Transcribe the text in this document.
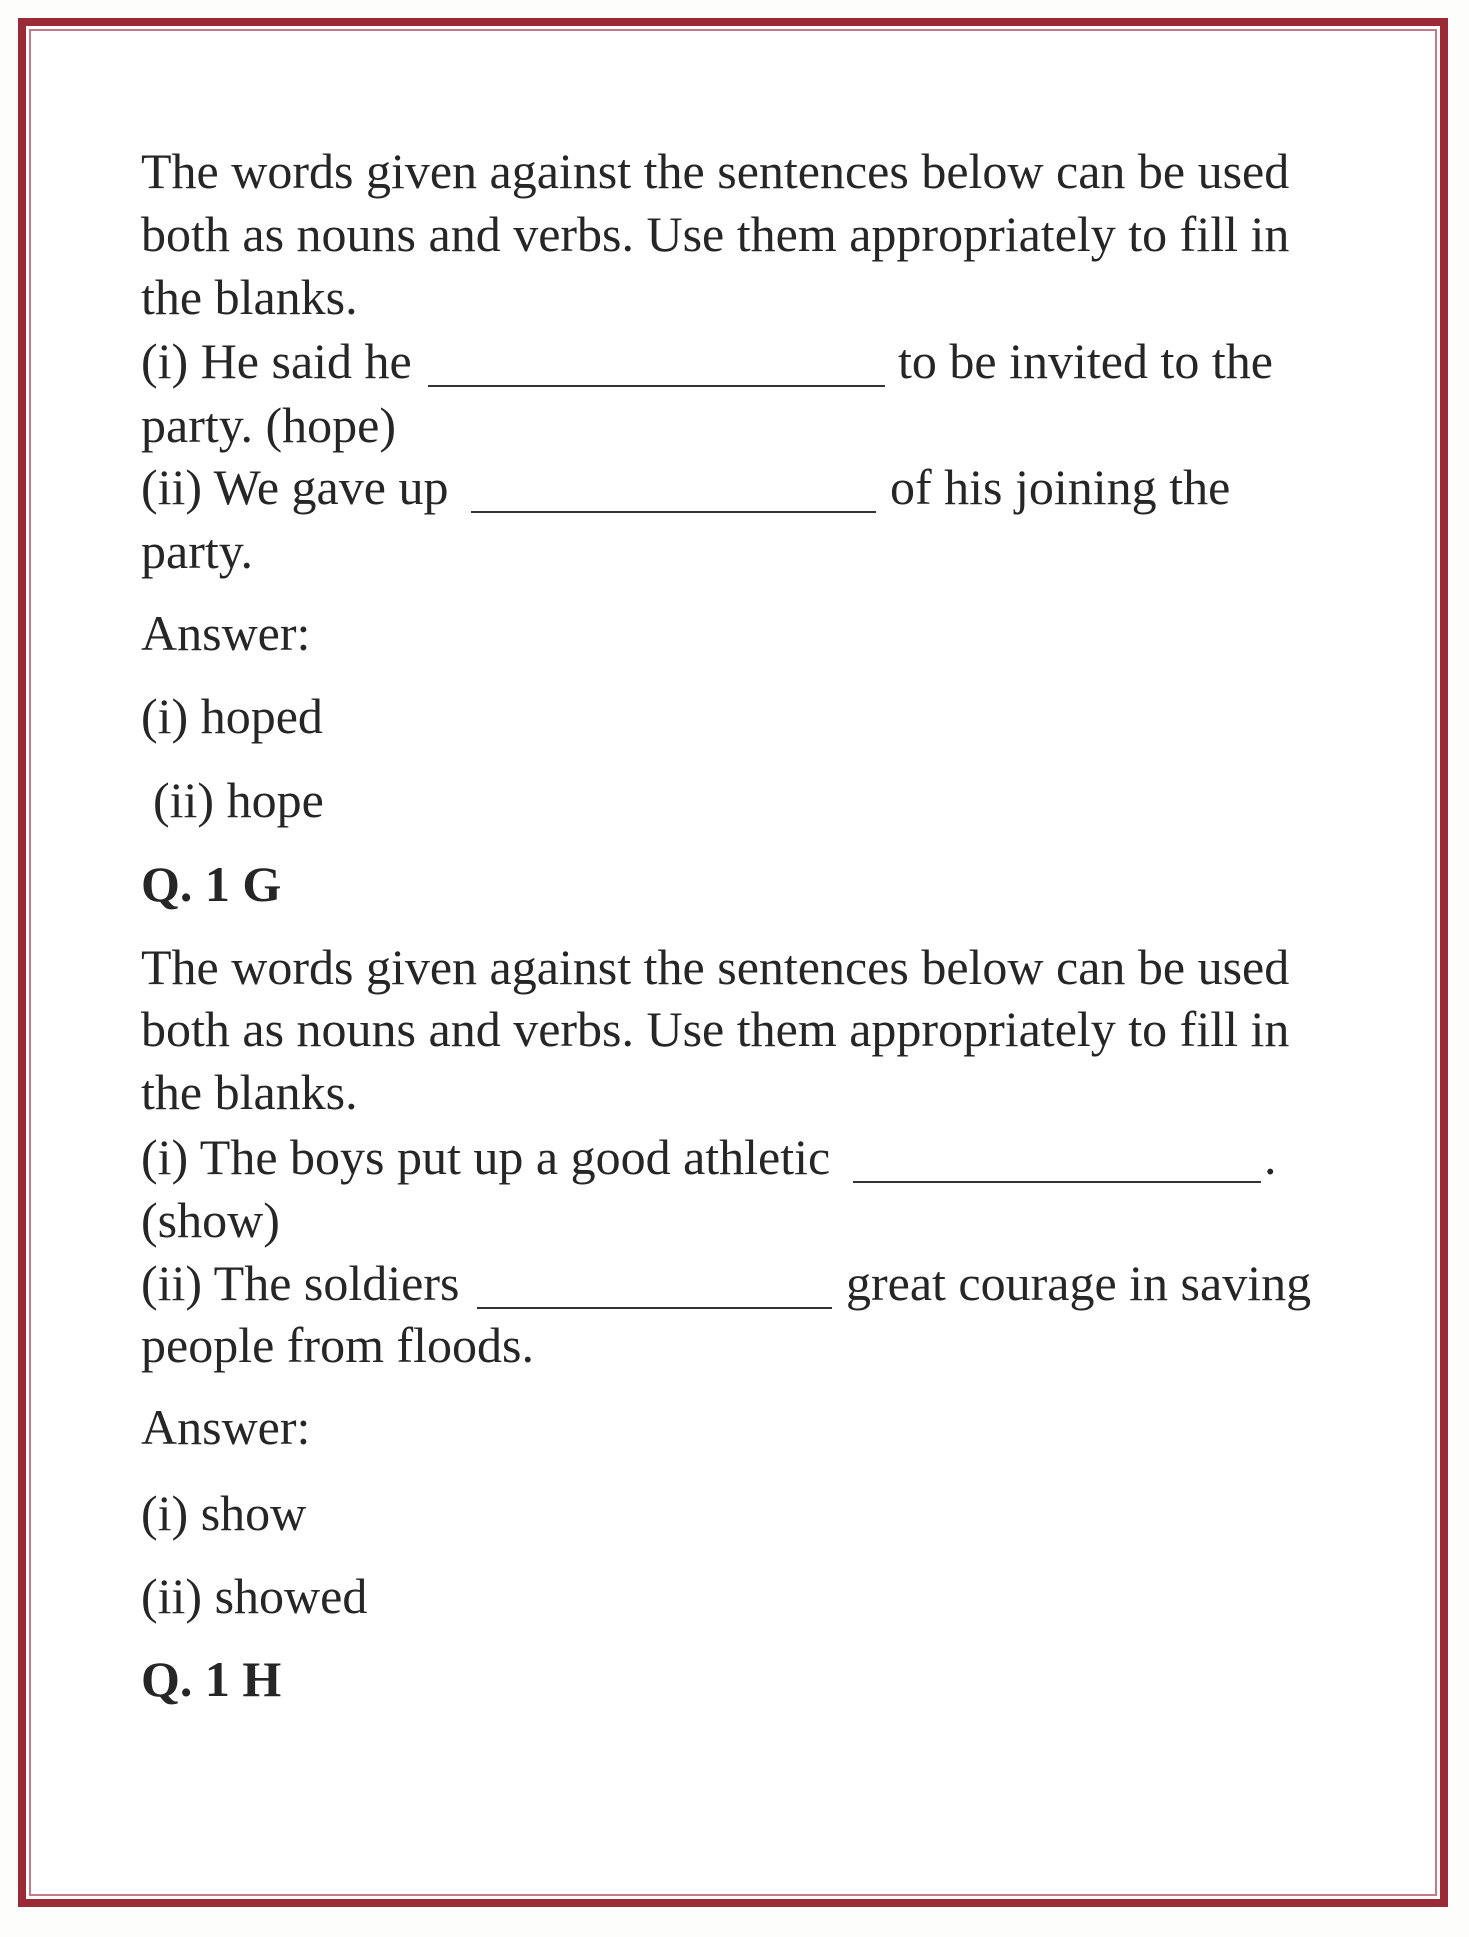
The words given against the sentences below can be used
both as nouns and verbs. Use them appropriately to fill in
the blanks.
(i) He said he	to be invited to the
party. (hope)
(ii) We gave up	of his joining the
party.
Answer:
(i) hoped
(ii) hope
Q. 1 G
The words given against the sentences below can be used
both as nouns and verbs. Use them appropriately to fill in
the blanks.
(i) The boys put up a good athletic	.
(show)
(ii) The soldiers	great courage in saving
people from floods.
Answer:
(i) show
(ii) showed
Q. 1 H
